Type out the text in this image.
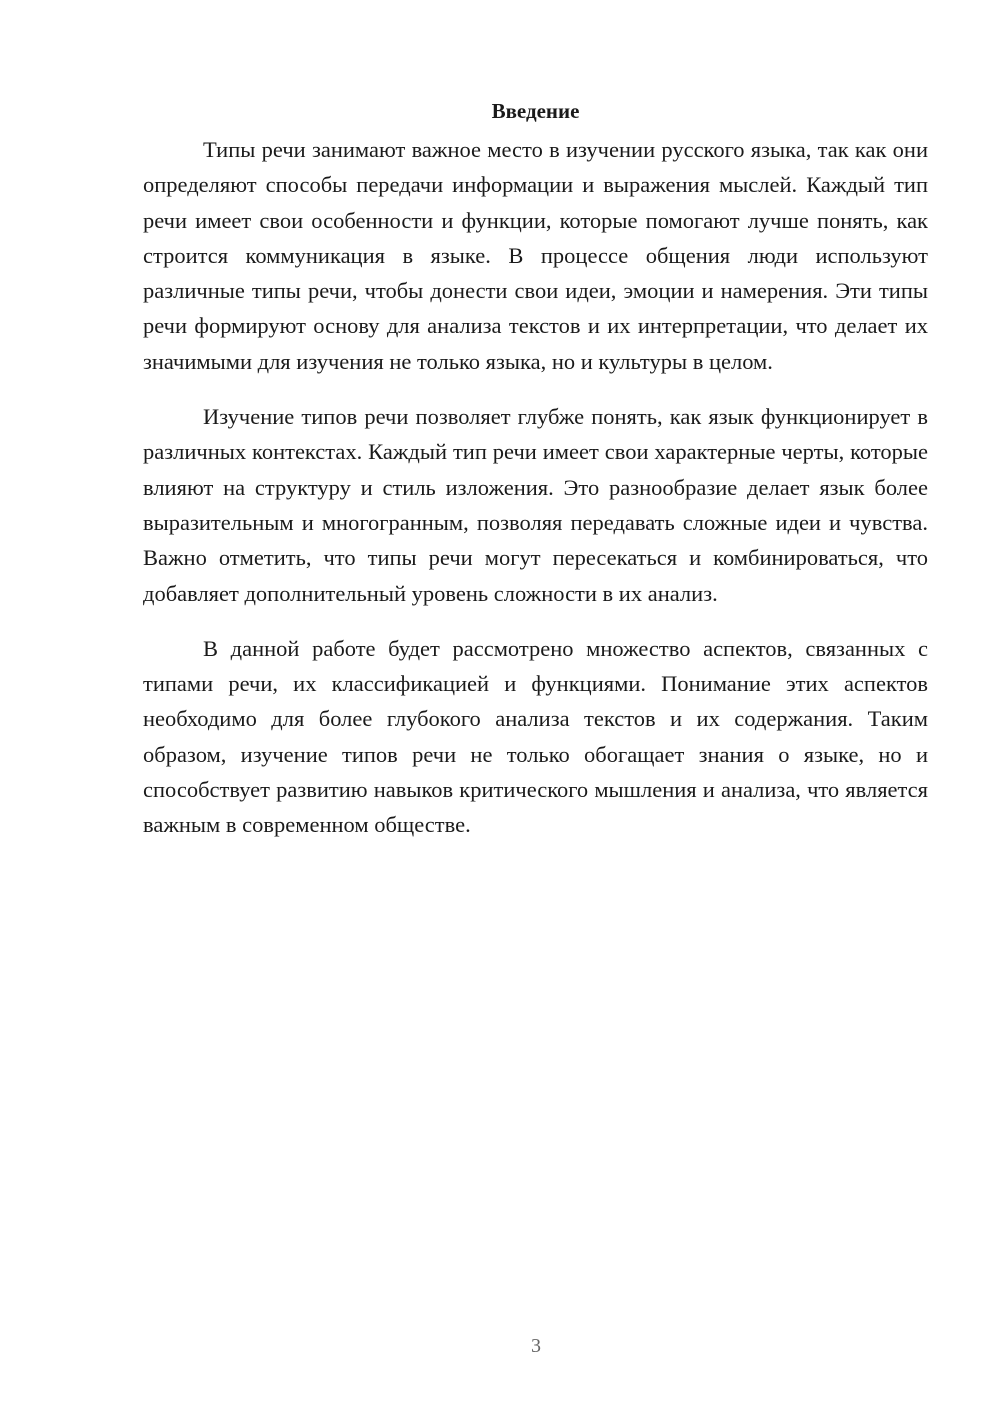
Введение

Типы речи занимают важное место в изучении русского языка, так как они определяют способы передачи информации и выражения мыслей. Каждый тип речи имеет свои особенности и функции, которые помогают лучше понять, как строится коммуникация в языке. В процессе общения люди используют различные типы речи, чтобы донести свои идеи, эмоции и намерения. Эти типы речи формируют основу для анализа текстов и их интерпретации, что делает их значимыми для изучения не только языка, но и культуры в целом.

Изучение типов речи позволяет глубже понять, как язык функционирует в различных контекстах. Каждый тип речи имеет свои характерные черты, которые влияют на структуру и стиль изложения. Это разнообразие делает язык более выразительным и многогранным, позволяя передавать сложные идеи и чувства. Важно отметить, что типы речи могут пересекаться и комбинироваться, что добавляет дополнительный уровень сложности в их анализ.

В данной работе будет рассмотрено множество аспектов, связанных с типами речи, их классификацией и функциями. Понимание этих аспектов необходимо для более глубокого анализа текстов и их содержания. Таким образом, изучение типов речи не только обогащает знания о языке, но и способствует развитию навыков критического мышления и анализа, что является важным в современном обществе.

3
